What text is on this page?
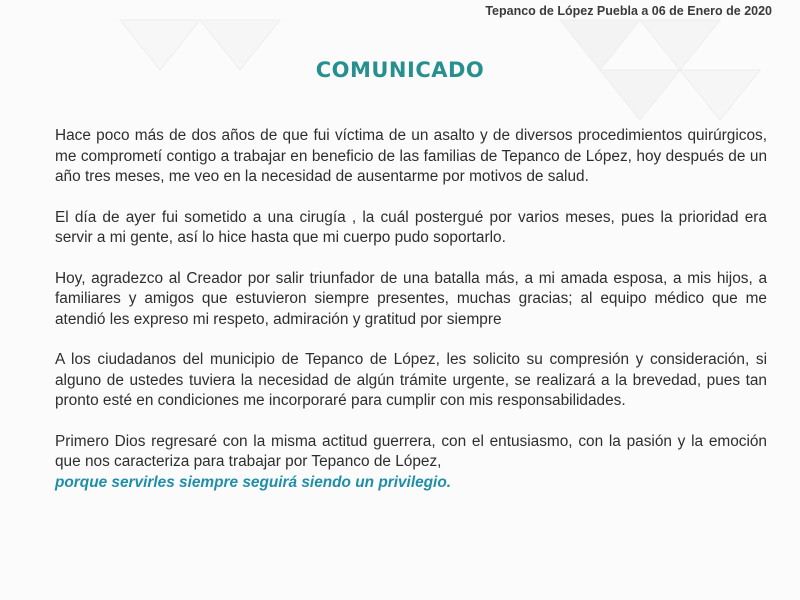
Tepanco de López Puebla a 06 de Enero de 2020
COMUNICADO

Hace poco más de dos años de que fui víctima de un asalto y de diversos procedimientos quirúrgicos, me comprometí contigo a trabajar en beneficio de las familias de Tepanco de López, hoy después de un año tres meses, me veo en la necesidad de ausentarme por motivos de salud.

El día de ayer fui sometido a una cirugía , la cuál postergué por varios meses, pues la prioridad era servir a mi gente, así lo hice hasta que mi cuerpo pudo soportarlo.

Hoy, agradezco al Creador por salir triunfador de una batalla más, a mi amada esposa, a mis hijos, a familiares y amigos que estuvieron siempre presentes, muchas gracias; al equipo médico que me atendió les expreso mi respeto, admiración y gratitud por siempre

A los ciudadanos del municipio de Tepanco de López, les solicito su compresión y consideración, si alguno de ustedes tuviera la necesidad de algún trámite urgente, se realizará a la brevedad, pues tan pronto esté en condiciones me incorporaré para cumplir con mis responsabilidades.

Primero Dios regresaré con la misma actitud guerrera, con el entusiasmo, con la pasión y la emoción que nos caracteriza para trabajar por Tepanco de López,
porque servirles siempre seguirá siendo un privilegio.
